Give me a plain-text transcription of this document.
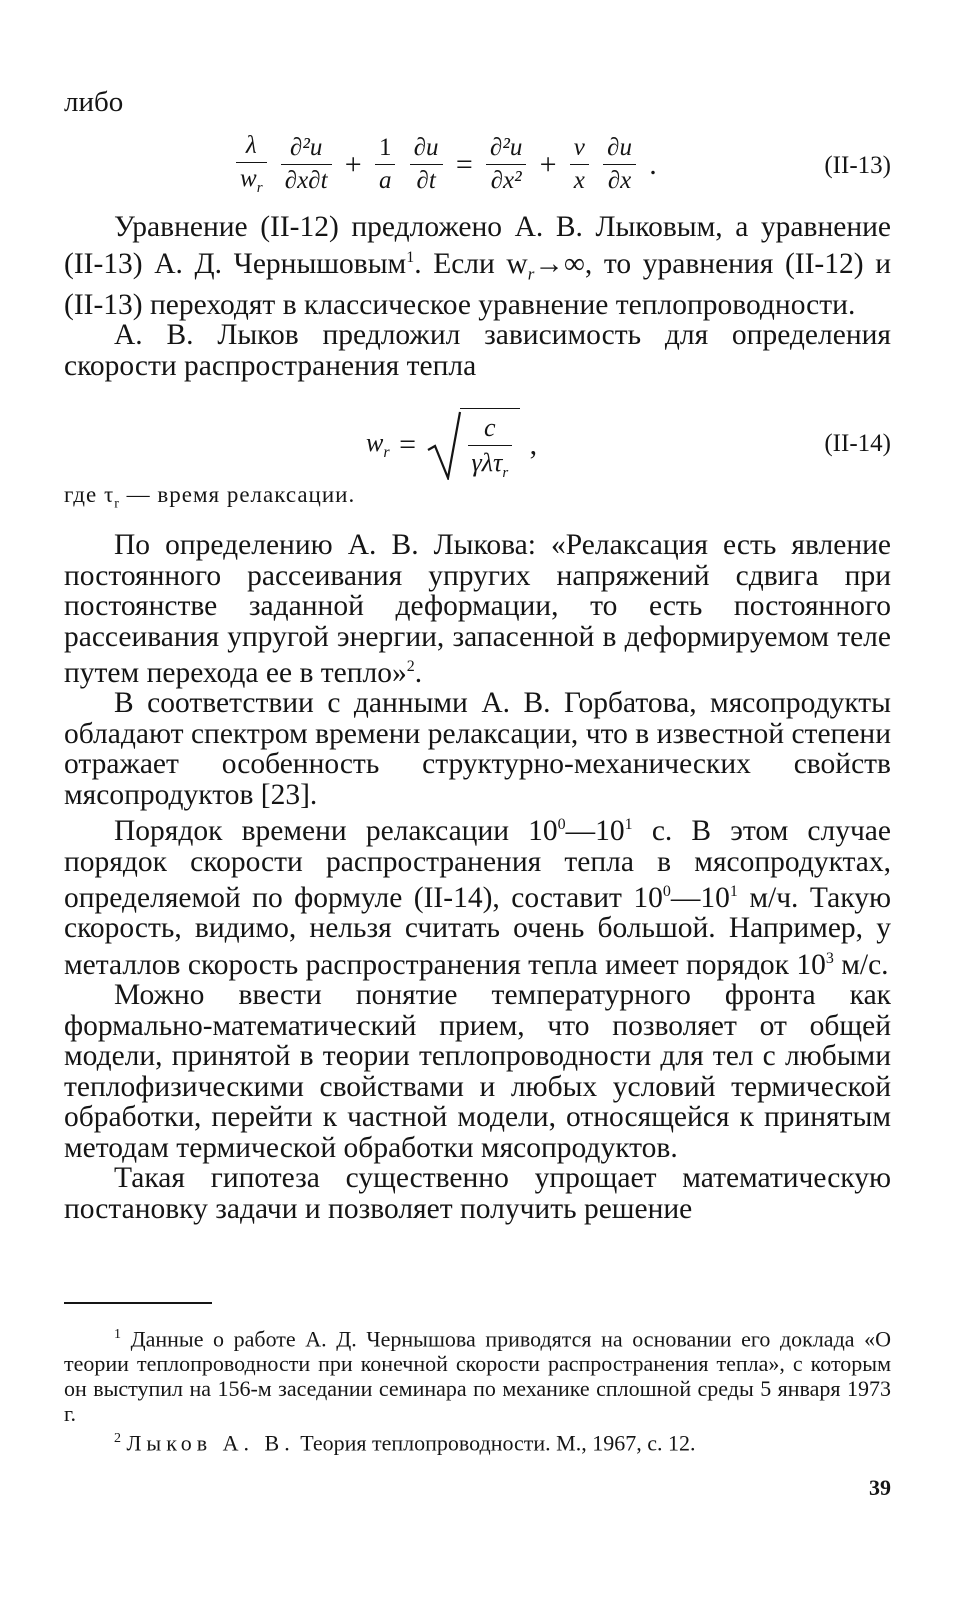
либо
$\frac{\lambda}{w_r}$
$\frac{\text{∂²u}}{\partial x\partial t} + \frac{1}{a}$
$\frac{\partial u}{\partial t} = \frac{\text{∂²u}}{\text{∂x²}} + \frac{\nu}{x}$
$\frac{\partial u}{\partial x}$ .	(II-13)

Уравнение (II-12) предложено А. В. Лыковым, а уравнение (II-13) А. Д. Чернышовым$^1$. Если $w_r\to\infty$, то уравнения (II-12) и (II-13) переходят в классическое уравнение теплопроводности.

А. В. Лыков предложил зависимость для определения скорости распространения тепла

$w_r = \frac{c}{\gamma\lambda\tau_r}$ ,	(II-14)
где $\tau_r$ — время релаксации.

По определению А. В. Лыкова: «Релаксация есть явление постоянного рассеивания упругих напряжений сдвига при постоянстве заданной деформации, то есть постоянного рассеивания упругой энергии, запасенной в деформируемом теле путем перехода ее в тепло»$^2$.

В соответствии с данными А. В. Горбатова, мясопродукты обладают спектром времени релаксации, что в известной степени отражает особенность структурно-механических свойств мясопродуктов [23].

Порядок времени релаксации $10^0—10^1$ с. В этом случае порядок скорости распространения тепла в мясопродуктах, определяемой по формуле (II-14), составит $10^0—10^1$ м/ч. Такую скорость, видимо, нельзя считать очень большой. Например, у металлов скорость распространения тепла имеет порядок $10^3$ м/с.

Можно ввести понятие температурного фронта как формально-математический прием, что позволяет от общей модели, принятой в теории теплопроводности для тел с любыми теплофизическими свойствами и любых условий термической обработки, перейти к частной модели, относящейся к принятым методам термической обработки мясопродуктов.

Такая гипотеза существенно упрощает математическую постановку задачи и позволяет получить решение

$^1$ Данные о работе А. Д. Чернышова приводятся на основании его доклада «О теории теплопроводности при конечной скорости распространения тепла», с которым он выступил на 156-м заседании семинара по механике сплошной среды 5 января 1973 г.

$^2$ Лыков А. В. Теория теплопроводности. М., 1967, с. 12.

39
